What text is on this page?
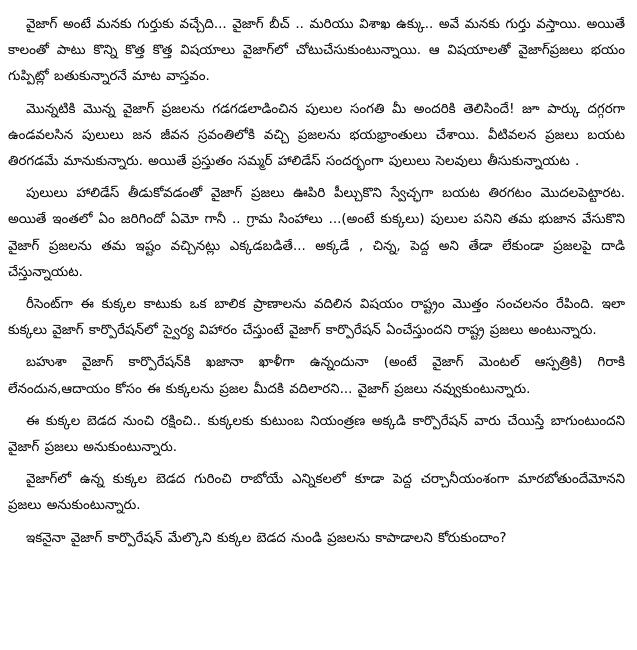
వైజాగ్ అంటే మనకు గుర్తుకు వచ్చేది... వైజాగ్ బీచ్ .. మరియు విశాఖ ఉక్కు.. అవే మనకు గుర్తు వస్తాయి. అయితే కాలంతో పాటు కొన్ని కొత్త కొత్త విషయాలు వైజాగ్‌లో చోటుచేసుకుంటున్నాయి. ఆ విషయాలతో వైజాగ్‌ప్రజలు భయం గుప్పిట్లో బతుకున్నారనే మాట వాస్తవం.

మొన్నటికి మొన్న వైజాగ్ ప్రజలను గడగడలాడించిన పులుల సంగతి మీ అందరికి తెలిసిందే! జూ పార్కు దగ్గరగా ఉండవలసిన పులులు జన జీవన స్రవంతిలోకి వచ్చి ప్రజలను భయభ్రాంతులు చేశాయి. వీటివలన ప్రజలు బయట తిరగడమే మానుకున్నారు. అయితే ప్రస్తుతం సమ్మర్ హాలిడేస్ సందర్భంగా పులులు సెలవులు తీసుకున్నాయట .

పులులు హాలిడేస్ తీడుకోవడంతో వైజాగ్ ప్రజలు ఊపిరి పీల్చుకొని స్వేచ్ఛగా బయట తిరగటం మొదలపెట్టారట. అయితే ఇంతలో ఏం జరిగిందో ఏమో గానీ .. గ్రామ సింహాలు ...(అంటే కుక్కలు) పులుల పనిని తమ భుజాన వేసుకొని వైజాగ్ ప్రజలను తమ ఇష్టం వచ్చినట్లు ఎక్కడబడితే... అక్కడే , చిన్న, పెద్ద అని తేడా లేకుండా ప్రజలపై దాడి చేస్తున్నాయట.

రీసెంట్‌గా ఈ కుక్కల కాటుకు ఒక బాలిక ప్రాణాలను వదిలిన విషయం రాష్ట్రం మొత్తం సంచలనం రేపింది. ఇలా కుక్కలు వైజాగ్ కార్పొరేషన్‌లో స్వైర్య విహారం చేస్తుంటే వైజాగ్ కార్పొరేషన్ ఏంచేస్తుందని రాష్ట్ర ప్రజలు అంటున్నారు.

బహుశా వైజాగ్ కార్పొరేషన్‌కి ఖజానా ఖాళీగా ఉన్నందునా (అంటే వైజాగ్ మెంటల్ ఆస్పత్రికి) గిరాకి లేనందున,ఆదాయం కోసం ఈ కుక్కలను ప్రజల మీదకి వదిలారని... వైజాగ్ ప్రజలు నవ్వుకుంటున్నారు.

ఈ కుక్కల బెడద నుంచి రక్షించి.. కుక్కలకు కుటుంబ నియంత్రణ అక్కడి కార్పొరేషన్ వారు చేయిస్తే బాగుంటుందని వైజాగ్ ప్రజలు అనుకుంటున్నారు.

వైజాగ్‌లో ఉన్న కుక్కల బెడద గురించి రాబోయే ఎన్నికలలో కూడా పెద్ద చర్చానీయంశంగా మారబోతుందేమోనని ప్రజలు అనుకుంటున్నారు.

ఇకనైనా వైజాగ్ కార్పొరేషన్ మేల్కొని కుక్కల బెడద నుండి ప్రజలను కాపాడాలని కోరుకుందాం?
